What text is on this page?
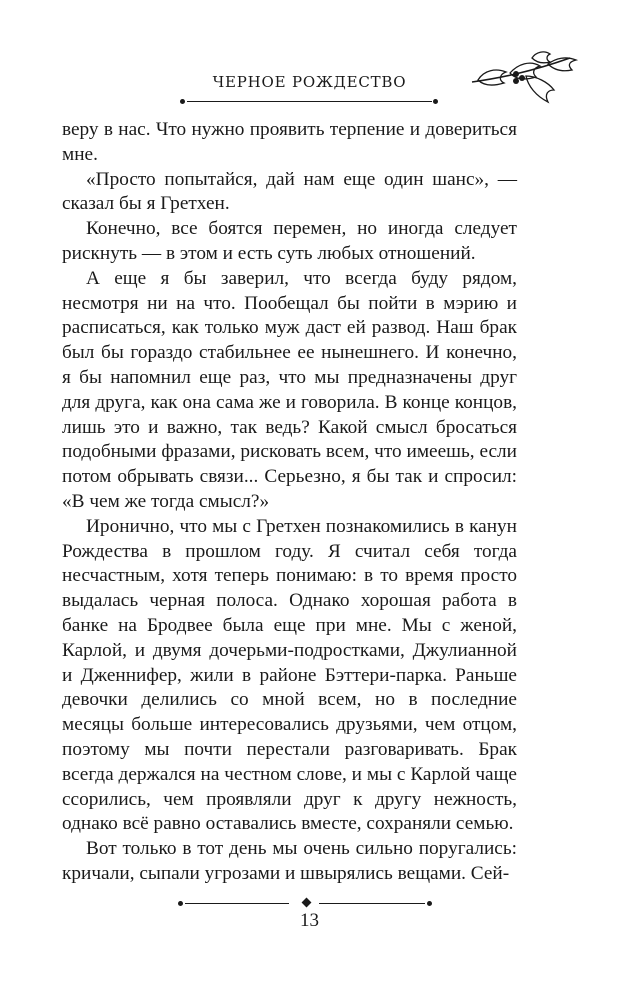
ЧЕРНОЕ РОЖДЕСТВО

веру в нас. Что нужно проявить терпение и довериться мне.

«Просто попытайся, дай нам еще один шанс», — сказал бы я Гретхен.

Конечно, все боятся перемен, но иногда следует рискнуть — в этом и есть суть любых отношений.

А еще я бы заверил, что всегда буду рядом, несмотря ни на что. Пообещал бы пойти в мэрию и расписаться, как только муж даст ей развод. Наш брак был бы гораздо стабильнее ее нынешнего. И конечно, я бы напомнил еще раз, что мы предназначены друг для друга, как она сама же и говорила. В конце концов, лишь это и важно, так ведь? Какой смысл бросаться подобными фразами, рисковать всем, что имеешь, если потом обрывать связи... Серьезно, я бы так и спросил: «В чем же тогда смысл?»

Иронично, что мы с Гретхен познакомились в канун Рождества в прошлом году. Я считал себя тогда несчастным, хотя теперь понимаю: в то время просто выдалась черная полоса. Однако хорошая работа в банке на Бродвее была еще при мне. Мы с женой, Карлой, и двумя дочерьми-подростками, Джулианной и Дженнифер, жили в районе Бэттери-парка. Раньше девочки делились со мной всем, но в последние месяцы больше интересовались друзьями, чем отцом, поэтому мы почти перестали разговаривать. Брак всегда держался на честном слове, и мы с Карлой чаще ссорились, чем проявляли друг к другу нежность, однако всё равно оставались вместе, сохраняли семью.

Вот только в тот день мы очень сильно поругались: кричали, сыпали угрозами и швырялись вещами. Сей-

13
